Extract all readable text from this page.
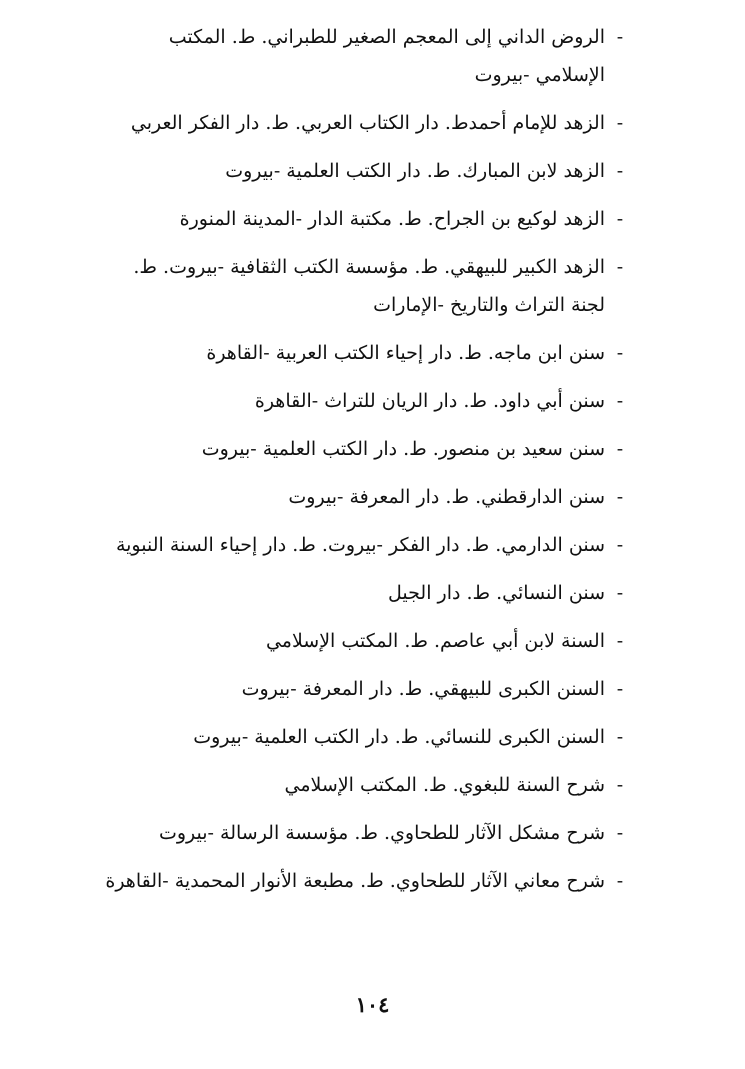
-
الروض الداني إلى المعجم الصغير للطبراني. ط. المكتب الإسلامي -بيروت
-
الزهد للإمام أحمدط. دار الكتاب العربي. ط. دار الفكر العربي
-
الزهد لابن المبارك. ط. دار الكتب العلمية -بيروت
-
الزهد لوكيع بن الجراح. ط. مكتبة الدار -المدينة المنورة
-
الزهد الكبير للبيهقي. ط. مؤسسة الكتب الثقافية -بيروت. ط. لجنة التراث والتاريخ -الإمارات
-
سنن ابن ماجه. ط. دار إحياء الكتب العربية -القاهرة
-
سنن أبي داود. ط. دار الريان للتراث -القاهرة
-
سنن سعيد بن منصور. ط. دار الكتب العلمية -بيروت
-
سنن الدارقطني. ط. دار المعرفة -بيروت
-
سنن الدارمي. ط. دار الفكر -بيروت. ط. دار إحياء السنة النبوية
-
سنن النسائي. ط. دار الجيل
-
السنة لابن أبي عاصم. ط. المكتب الإسلامي
-
السنن الكبرى للبيهقي. ط. دار المعرفة -بيروت
-
السنن الكبرى للنسائي. ط. دار الكتب العلمية -بيروت
-
شرح السنة للبغوي. ط. المكتب الإسلامي
-
شرح مشكل الآثار للطحاوي. ط. مؤسسة الرسالة -بيروت
-
شرح معاني الآثار للطحاوي. ط. مطبعة الأنوار المحمدية -القاهرة
١٠٤
